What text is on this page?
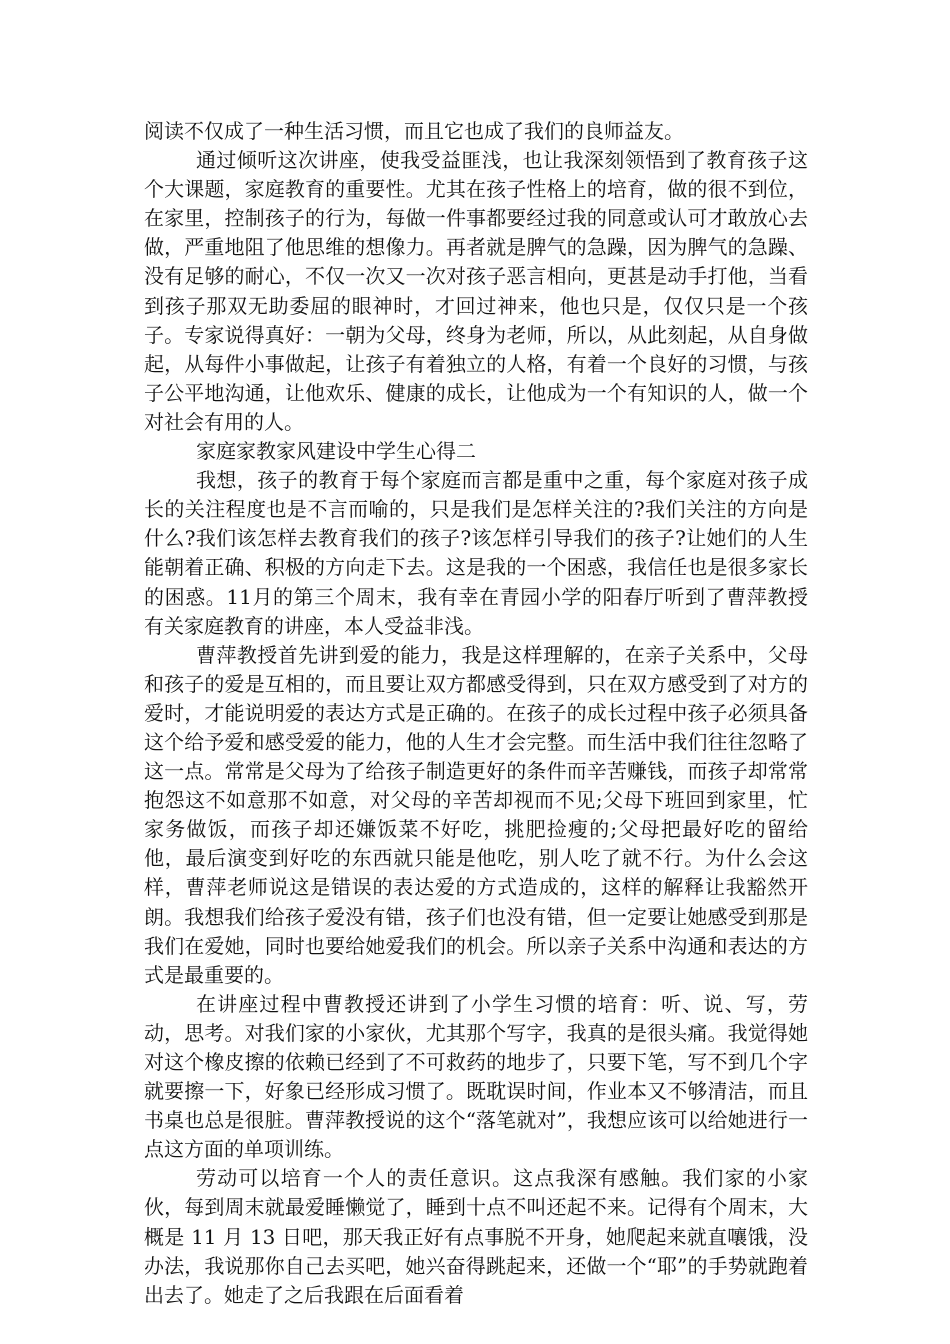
阅读不仅成了一种生活习惯，而且它也成了我们的良师益友。

通过倾听这次讲座，使我受益匪浅，也让我深刻领悟到了教育孩子这个大课题，家庭教育的重要性。尤其在孩子性格上的培育，做的很不到位，在家里，控制孩子的行为，每做一件事都要经过我的同意或认可才敢放心去做，严重地阻了他思维的想像力。再者就是脾气的急躁，因为脾气的急躁、没有足够的耐心，不仅一次又一次对孩子恶言相向，更甚是动手打他，当看到孩子那双无助委屈的眼神时，才回过神来，他也只是，仅仅只是一个孩子。专家说得真好：一朝为父母，终身为老师，所以，从此刻起，从自身做起，从每件小事做起，让孩子有着独立的人格，有着一个良好的习惯，与孩子公平地沟通，让他欢乐、健康的成长，让他成为一个有知识的人，做一个对社会有用的人。

家庭家教家风建设中学生心得二

我想，孩子的教育于每个家庭而言都是重中之重，每个家庭对孩子成长的关注程度也是不言而喻的，只是我们是怎样关注的?我们关注的方向是什么?我们该怎样去教育我们的孩子?该怎样引导我们的孩子?让她们的人生能朝着正确、积极的方向走下去。这是我的一个困惑，我信任也是很多家长的困惑。11月的第三个周末，我有幸在青园小学的阳春厅听到了曹萍教授有关家庭教育的讲座，本人受益非浅。

曹萍教授首先讲到爱的能力，我是这样理解的，在亲子关系中，父母和孩子的爱是互相的，而且要让双方都感受得到，只在双方感受到了对方的爱时，才能说明爱的表达方式是正确的。在孩子的成长过程中孩子必须具备这个给予爱和感受爱的能力，他的人生才会完整。而生活中我们往往忽略了这一点。常常是父母为了给孩子制造更好的条件而辛苦赚钱，而孩子却常常抱怨这不如意那不如意，对父母的辛苦却视而不见;父母下班回到家里，忙家务做饭，而孩子却还嫌饭菜不好吃，挑肥捡瘦的;父母把最好吃的留给他，最后演变到好吃的东西就只能是他吃，别人吃了就不行。为什么会这样，曹萍老师说这是错误的表达爱的方式造成的，这样的解释让我豁然开朗。我想我们给孩子爱没有错，孩子们也没有错，但一定要让她感受到那是我们在爱她，同时也要给她爱我们的机会。所以亲子关系中沟通和表达的方式是最重要的。

在讲座过程中曹教授还讲到了小学生习惯的培育：听、说、写，劳动，思考。对我们家的小家伙，尤其那个写字，我真的是很头痛。我觉得她对这个橡皮擦的依赖已经到了不可救药的地步了，只要下笔，写不到几个字就要擦一下，好象已经形成习惯了。既耽误时间，作业本又不够清洁，而且书桌也总是很脏。曹萍教授说的这个“落笔就对”，我想应该可以给她进行一点这方面的单项训练。

劳动可以培育一个人的责任意识。这点我深有感触。我们家的小家伙，每到周末就最爱睡懒觉了，睡到十点不叫还起不来。记得有个周末，大概是 11 月 13 日吧，那天我正好有点事脱不开身，她爬起来就直嚷饿，没办法，我说那你自己去买吧，她兴奋得跳起来，还做一个“耶”的手势就跑着出去了。她走了之后我跟在后面看着
